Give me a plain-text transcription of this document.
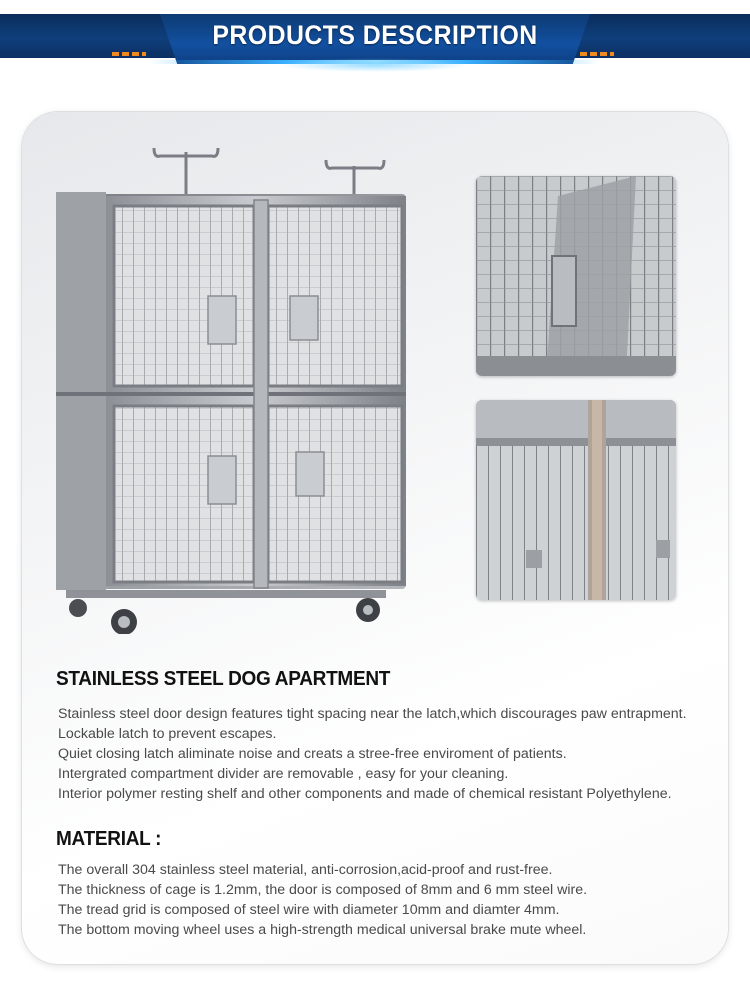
PRODUCTS DESCRIPTION
STAINLESS STEEL DOG APARTMENT
Stainless steel door design features tight spacing near the latch,which discourages paw entrapment.
Lockable latch to prevent escapes.
Quiet closing latch aliminate noise and creats a stree-free enviroment of patients.
Intergrated compartment divider are removable , easy for your cleaning.
Interior polymer resting shelf and other components and made of chemical resistant Polyethylene.
MATERIAL :
The overall 304 stainless steel material, anti-corrosion,acid-proof and rust-free.
The thickness of cage is 1.2mm, the door is composed of 8mm and 6 mm steel wire.
The tread grid is composed of steel wire with diameter 10mm and diamter 4mm.
The bottom moving wheel uses a high-strength medical universal brake mute wheel.
